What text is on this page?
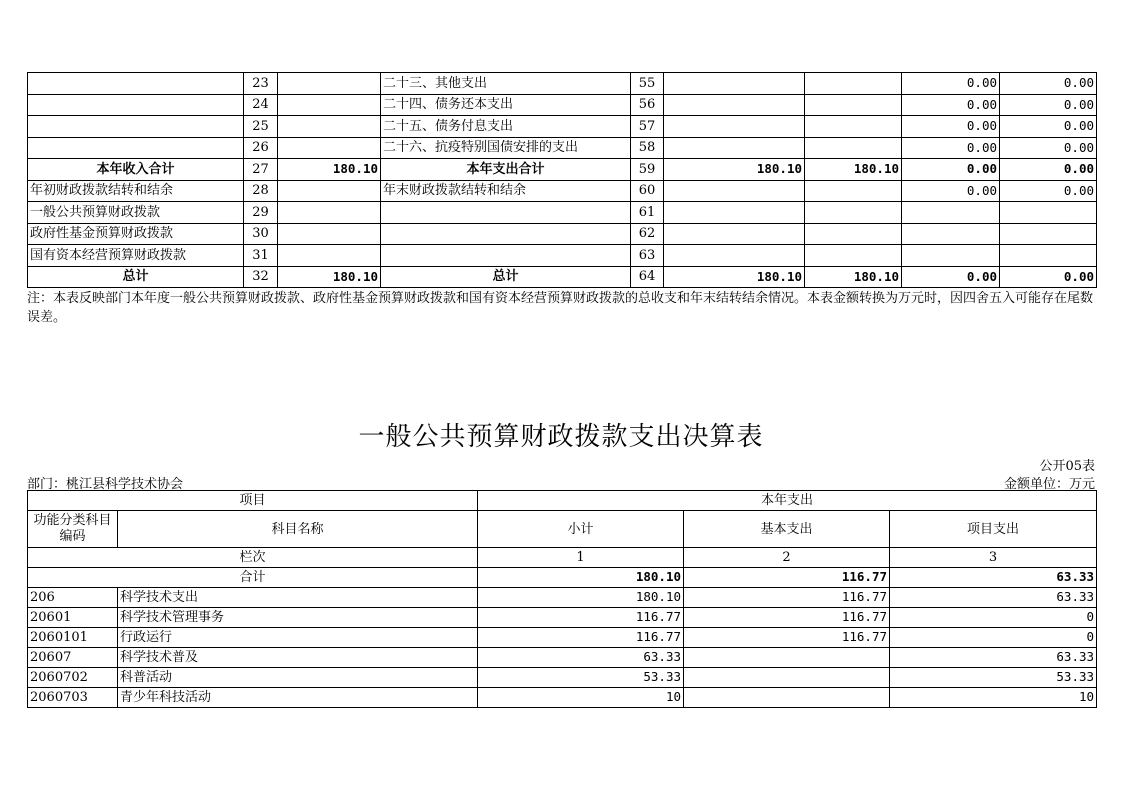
	23		二十三、其他支出	55			0.00	0.00
	24		二十四、债务还本支出	56			0.00	0.00
	25		二十五、债务付息支出	57			0.00	0.00
	26		二十六、抗疫特别国债安排的支出	58			0.00	0.00
本年收入合计	27	180.10	本年支出合计	59	180.10	180.10	0.00	0.00
年初财政拨款结转和结余	28		年末财政拨款结转和结余	60			0.00	0.00
一般公共预算财政拨款	29			61				
政府性基金预算财政拨款	30			62				
国有资本经营预算财政拨款	31			63				
总计	32	180.10	总计	64	180.10	180.10	0.00	0.00
注：本表反映部门本年度一般公共预算财政拨款、政府性基金预算财政拨款和国有资本经营预算财政拨款的总收支和年末结转结余情况。本表金额转换为万元时，因四舍五入可能存在尾数误差。
一般公共预算财政拨款支出决算表
公开05表
部门：桃江县科学技术协会	金额单位：万元
项目		本年支出		
功能分类科目编码	科目名称	小计	基本支出	项目支出
栏次		1	2	3
合计		180.10	116.77	63.33
206	科学技术支出	180.10	116.77	63.33
20601	科学技术管理事务	116.77	116.77	0
2060101	行政运行	116.77	116.77	0
20607	科学技术普及	63.33		63.33
2060702	科普活动	53.33		53.33
2060703	青少年科技活动	10		10
